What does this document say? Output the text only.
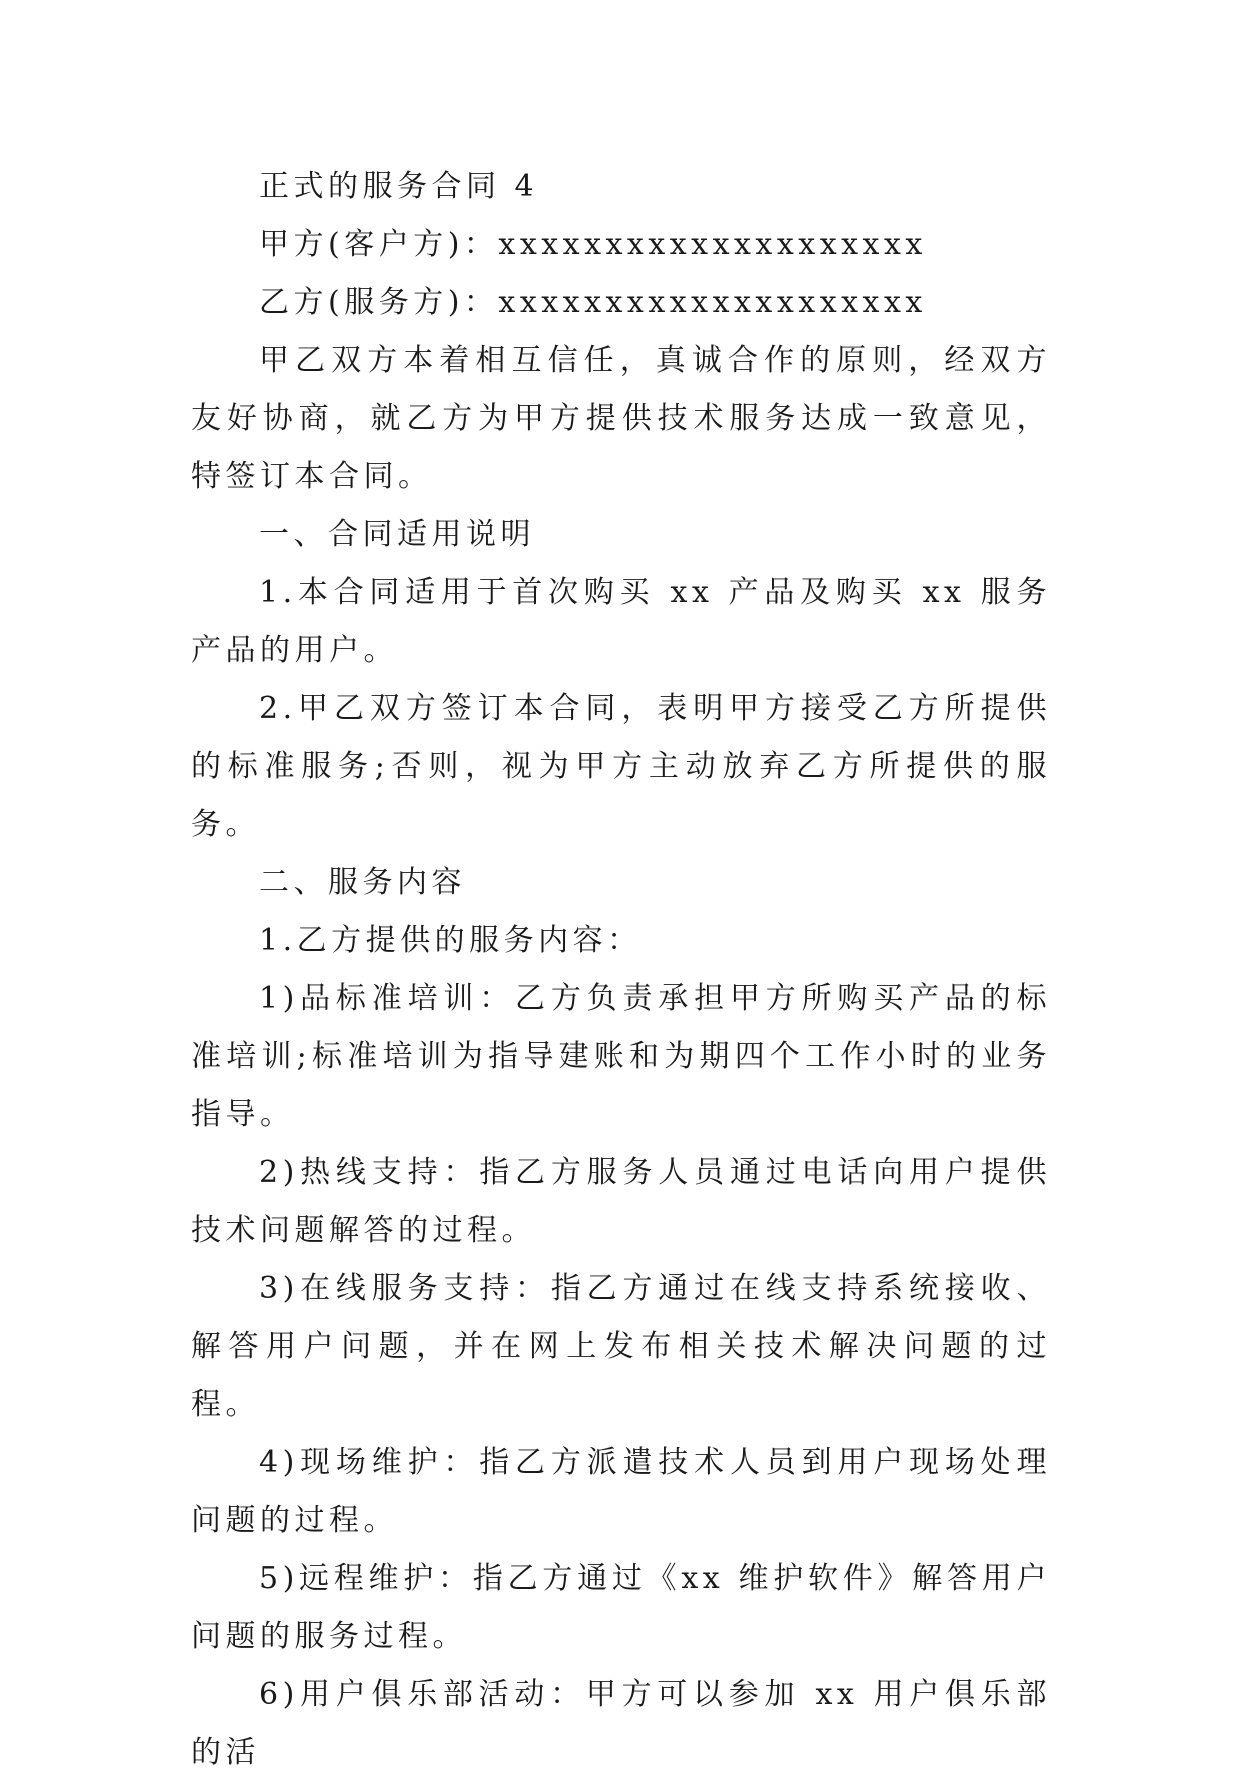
正式的服务合同 4

甲方(客户方)：xxxxxxxxxxxxxxxxxxxx

乙方(服务方)：xxxxxxxxxxxxxxxxxxxx

甲乙双方本着相互信任，真诚合作的原则，经双方友好协商，就乙方为甲方提供技术服务达成一致意见，特签订本合同。

一、合同适用说明

1.本合同适用于首次购买 xx 产品及购买 xx 服务产品的用户。

2.甲乙双方签订本合同，表明甲方接受乙方所提供的标准服务;否则，视为甲方主动放弃乙方所提供的服务。

二、服务内容

1.乙方提供的服务内容：

1)品标准培训：乙方负责承担甲方所购买产品的标准培训;标准培训为指导建账和为期四个工作小时的业务指导。

2)热线支持：指乙方服务人员通过电话向用户提供技术问题解答的过程。

3)在线服务支持：指乙方通过在线支持系统接收、解答用户问题，并在网上发布相关技术解决问题的过程。

4)现场维护：指乙方派遣技术人员到用户现场处理问题的过程。

5)远程维护：指乙方通过《xx 维护软件》解答用户问题的服务过程。

6)用户俱乐部活动：甲方可以参加 xx 用户俱乐部的活
